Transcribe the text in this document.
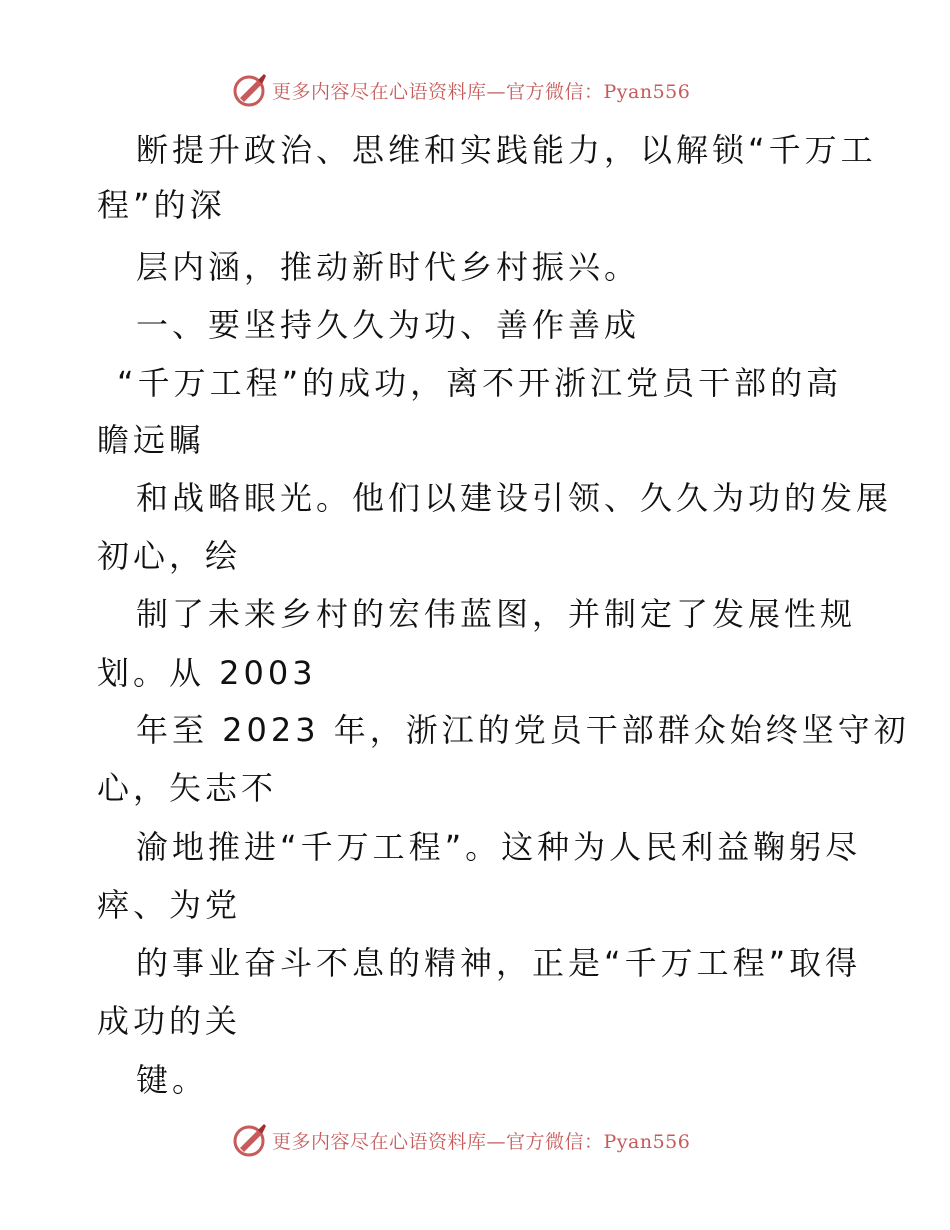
更多内容尽在心语资料库—官方微信：Pyan556
断提升政治、思维和实践能力，以解锁“千万工
程”的深
层内涵，推动新时代乡村振兴。
一、要坚持久久为功、善作善成
“千万工程”的成功，离不开浙江党员干部的高
瞻远瞩
和战略眼光。他们以建设引领、久久为功的发展
初心，绘
制了未来乡村的宏伟蓝图，并制定了发展性规
划。从 2003
年至 2023 年，浙江的党员干部群众始终坚守初
心，矢志不
渝地推进“千万工程”。这种为人民利益鞠躬尽
瘁、为党
的事业奋斗不息的精神，正是“千万工程”取得
成功的关
键。
更多内容尽在心语资料库—官方微信：Pyan556
